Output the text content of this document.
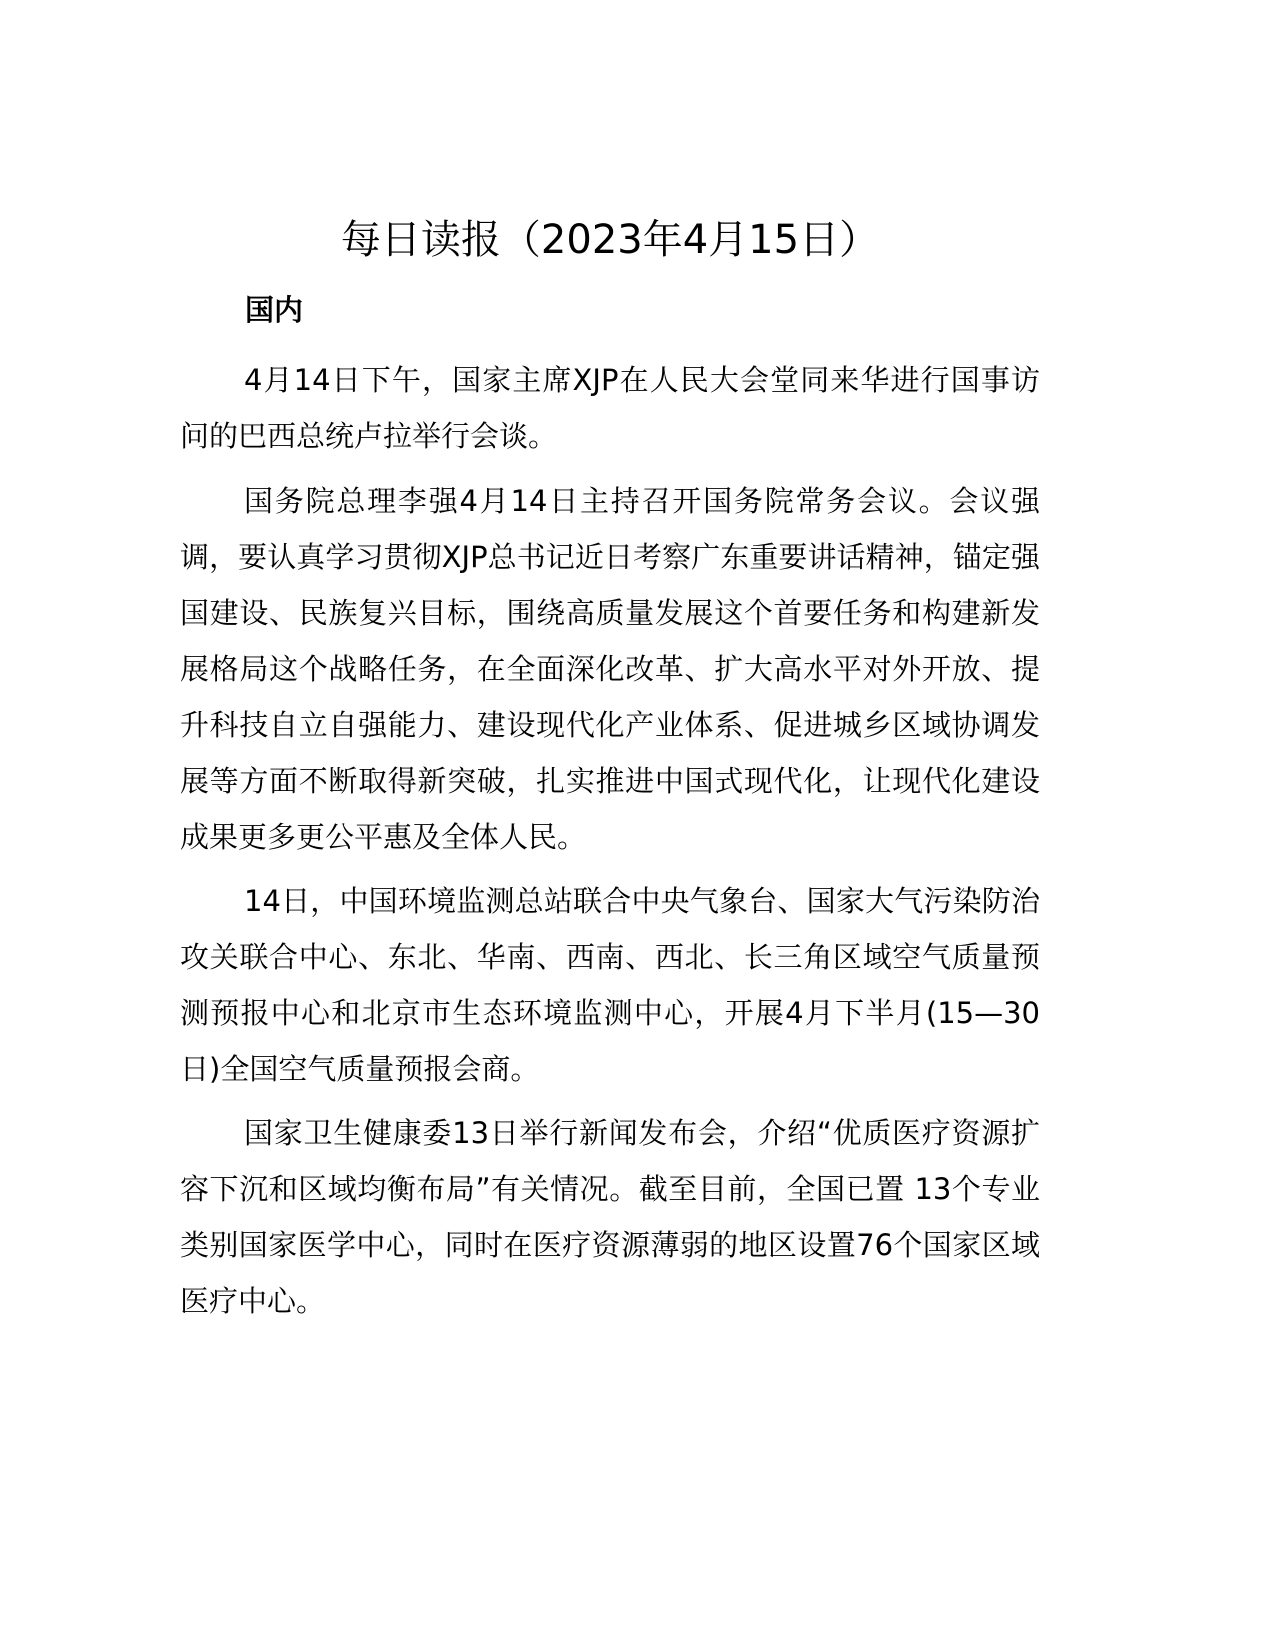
每日读报（2023年4月15日）
国内

4月14日下午，国家主席XJP在人民大会堂同来华进行国事访问的巴西总统卢拉举行会谈。

国务院总理李强4月14日主持召开国务院常务会议。会议强调，要认真学习贯彻XJP总书记近日考察广东重要讲话精神，锚定强国建设、民族复兴目标，围绕高质量发展这个首要任务和构建新发展格局这个战略任务，在全面深化改革、扩大高水平对外开放、提升科技自立自强能力、建设现代化产业体系、促进城乡区域协调发展等方面不断取得新突破，扎实推进中国式现代化，让现代化建设成果更多更公平惠及全体人民。

14日，中国环境监测总站联合中央气象台、国家大气污染防治攻关联合中心、东北、华南、西南、西北、长三角区域空气质量预测预报中心和北京市生态环境监测中心，开展4月下半月(15—30日)全国空气质量预报会商。

国家卫生健康委13日举行新闻发布会，介绍“优质医疗资源扩容下沉和区域均衡布局”有关情况。截至目前，全国已置 13个专业类别国家医学中心，同时在医疗资源薄弱的地区设置76个国家区域医疗中心。
